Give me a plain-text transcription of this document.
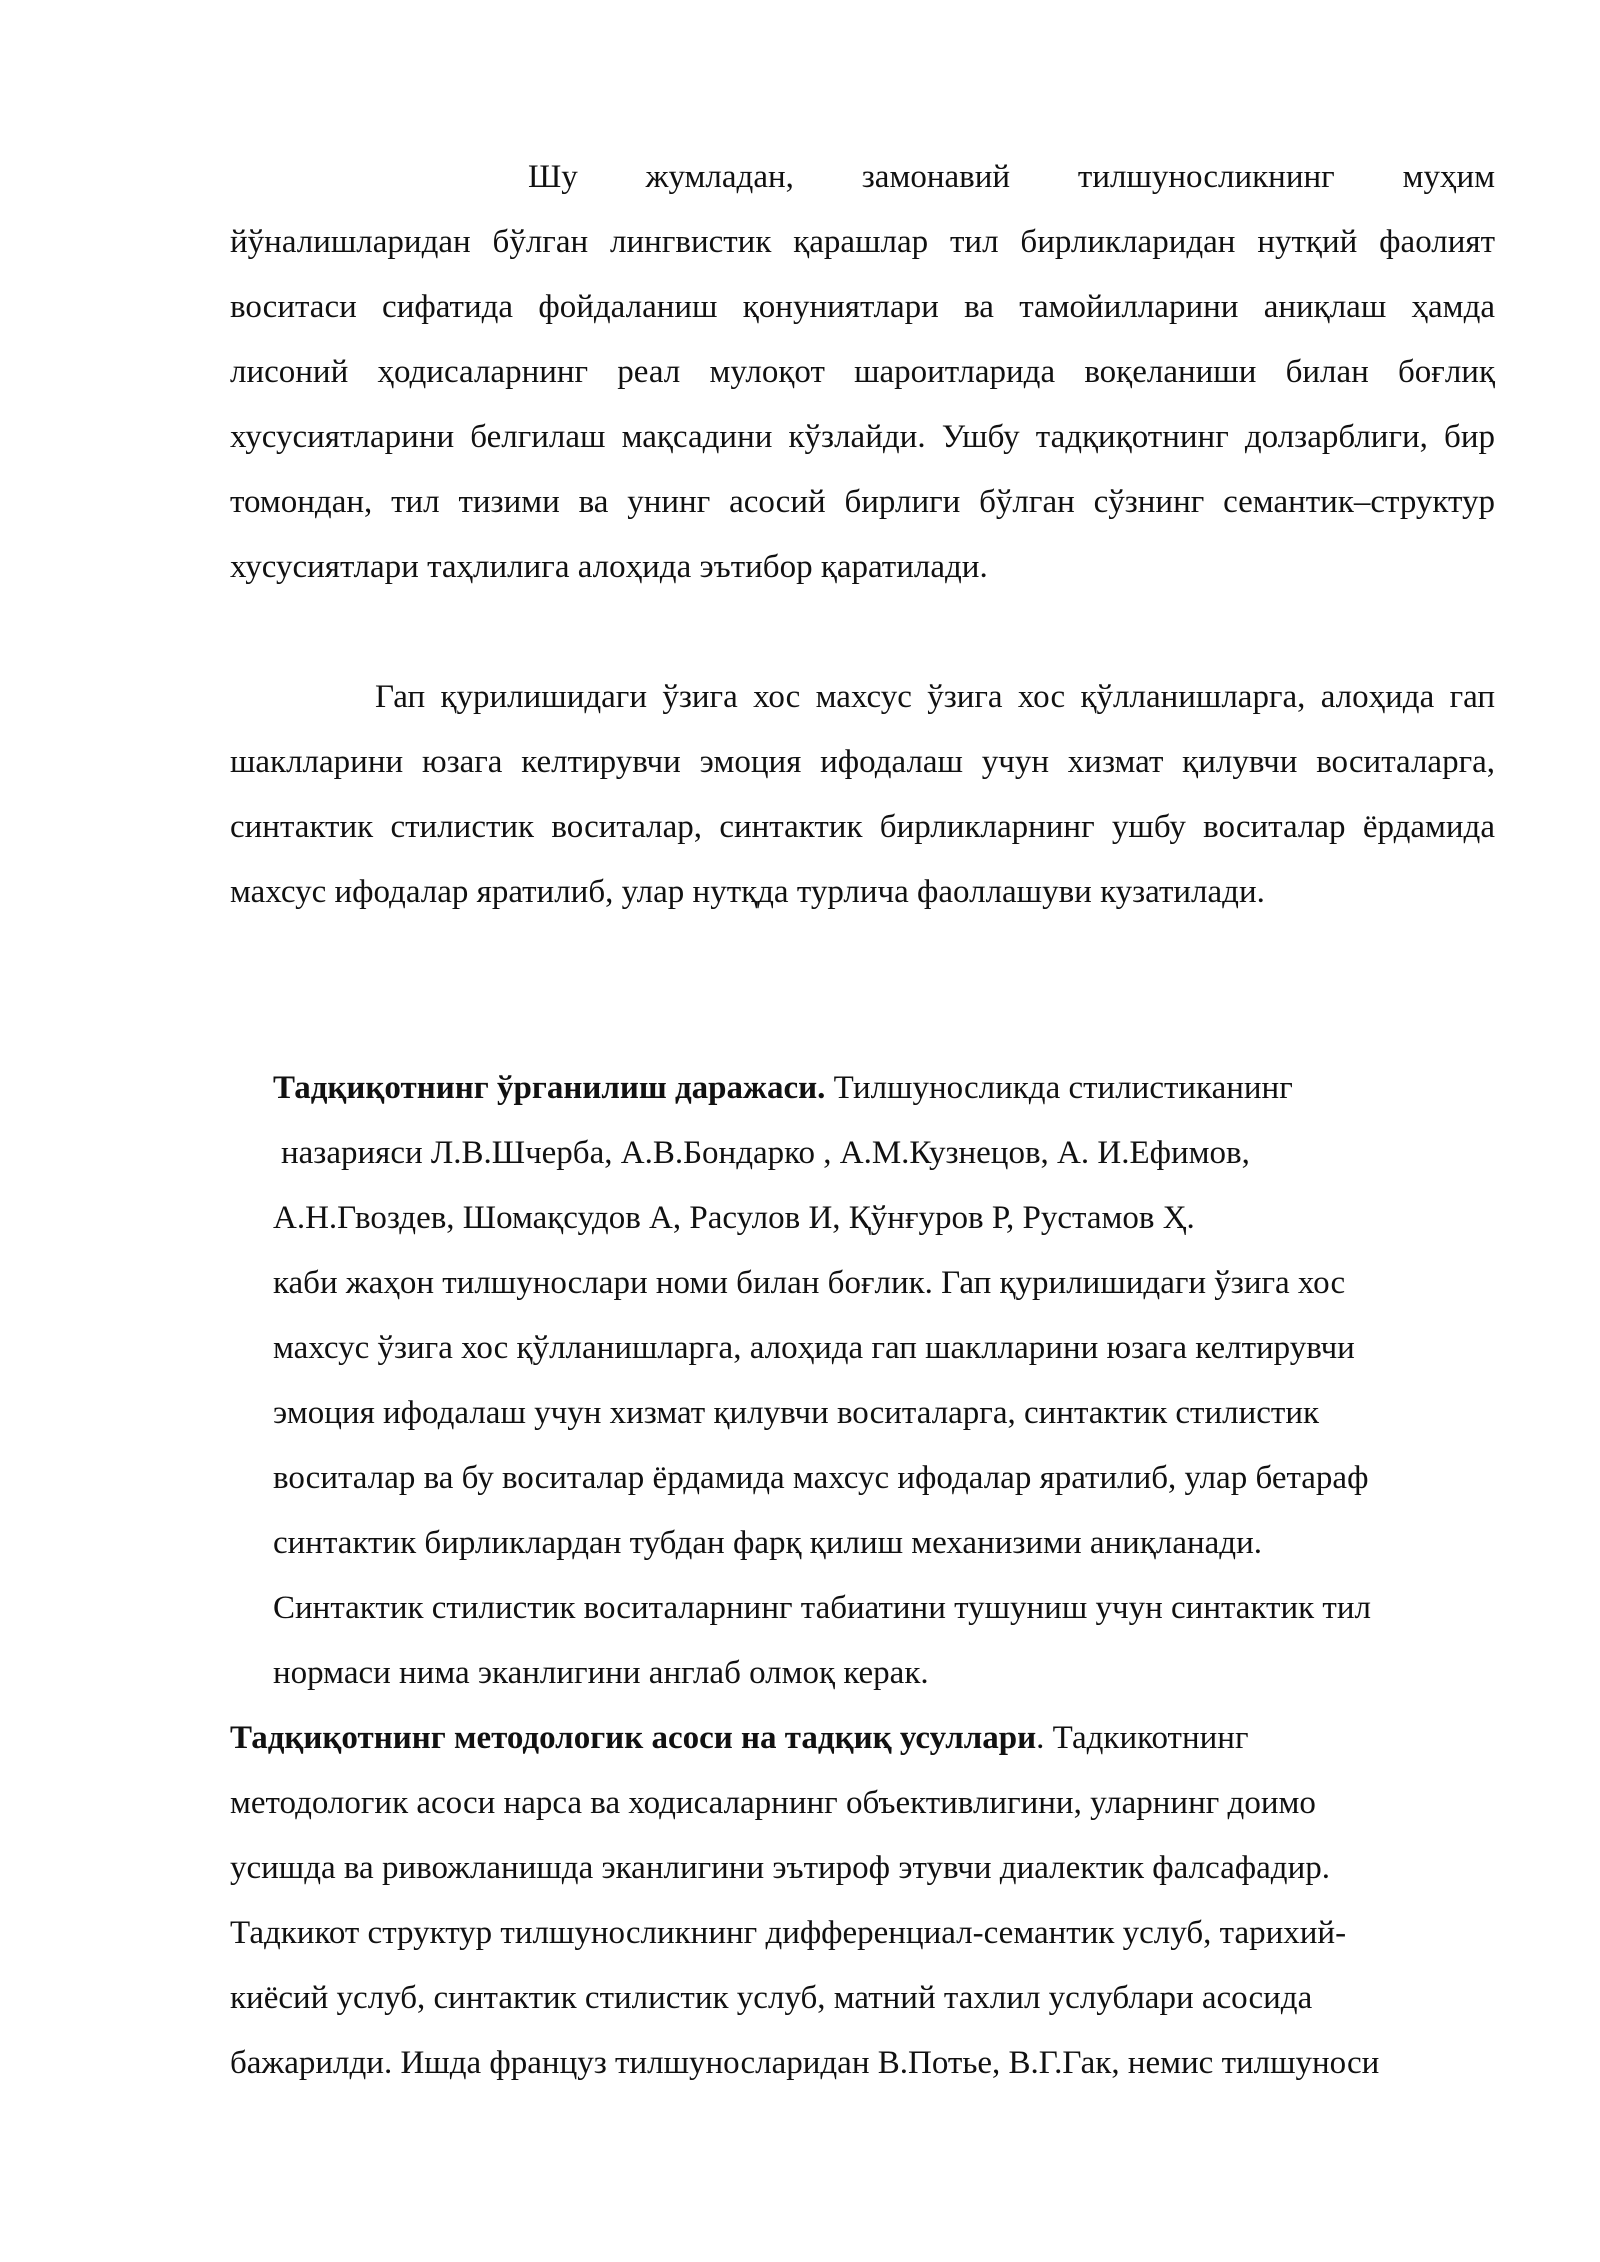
Шу жумладан, замонавий тилшуносликнинг муҳим йўналишларидан бўлган лингвистик қарашлар тил бирликларидан нутқий фаолият воситаси сифатида фойдаланиш қонуниятлари ва тамойилларини аниқлаш ҳамда лисоний ҳодисаларнинг реал мулоқот шароитларида воқеланиши билан боғлиқ хусусиятларини белгилаш мақсадини кўзлайди. Ушбу тадқиқотнинг долзарблиги, бир томондан, тил тизими ва унинг асосий бирлиги бўлган сўзнинг семантик–структур хусусиятлари таҳлилига алоҳида эътибор қаратилади.
Гап қурилишидаги ўзига хос махсус ўзига хос қўлланишларга, алоҳида гап шаклларини юзага келтирувчи эмоция ифодалаш учун хизмат қилувчи воситаларга, синтактик стилистик воситалар, синтактик бирликларнинг ушбу воситалар ёрдамида махсус ифодалар яратилиб, улар нутқда турлича фаоллашуви кузатилади.
Тадқиқотнинг ўрганилиш даражаси. Тилшуносликда стилистиканинг
назарияси Л.В.Шчерба, А.В.Бондарко , А.М.Кузнецов, А. И.Ефимов,
А.Н.Гвоздев, Шомақсудов А, Расулов И, Қўнғуров Р, Рустамов Ҳ.
каби жаҳон тилшунослари номи билан боғлик. Гап қурилишидаги ўзига хос
махсус ўзига хос қўлланишларга, алоҳида гап шаклларини юзага келтирувчи
эмоция ифодалаш учун хизмат қилувчи воситаларга, синтактик стилистик
воситалар ва бу воситалар ёрдамида махсус ифодалар яратилиб, улар бетараф
синтактик бирликлардан тубдан фарқ қилиш механизими аниқланади.
Синтактик стилистик воситаларнинг табиатини тушуниш учун синтактик тил
нормаси нима эканлигини англаб олмоқ керак.
Тадқиқотнинг методологик асоси на тадқиқ усуллари. Тадкикотнинг
методологик асоси нарса ва ходисаларнинг объективлигини, уларнинг доимо
усишда ва ривожланишда эканлигини эътироф этувчи диалектик фалсафадир.
Тадкикот структур тилшуносликнинг дифференциал-семантик услуб, тарихий-
киёсий услуб, синтактик стилистик услуб, матний тахлил услублари асосида
бажарилди. Ишда француз тилшуносларидан В.Потье, В.Г.Гак, немис тилшуноси
